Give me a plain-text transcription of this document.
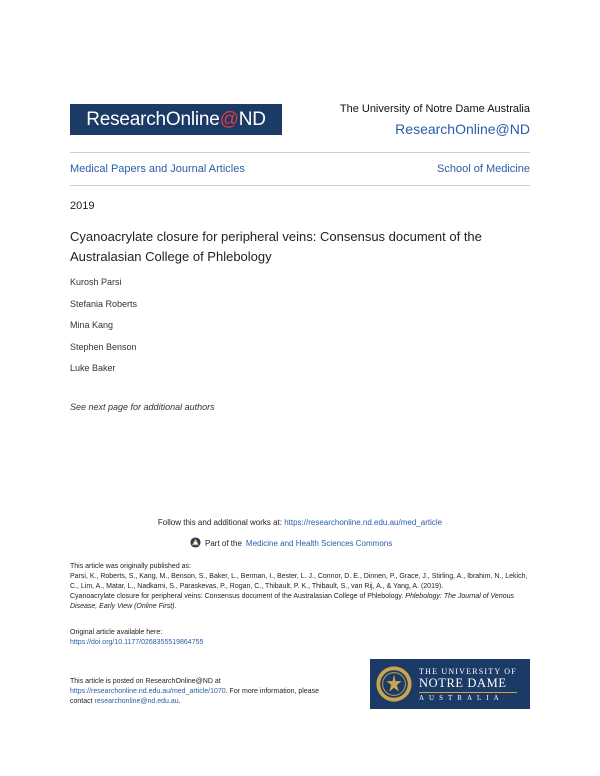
ResearchOnline@ND	The University of Notre Dame Australia
ResearchOnline@ND
Medical Papers and Journal Articles	School of Medicine
2019
Cyanoacrylate closure for peripheral veins: Consensus document of the Australasian College of Phlebology
Kurosh Parsi
Stefania Roberts
Mina Kang
Stephen Benson
Luke Baker
See next page for additional authors
Follow this and additional works at: https://researchonline.nd.edu.au/med_article
Part of the Medicine and Health Sciences Commons
This article was originally published as:
Parsi, K., Roberts, S., Kang, M., Benson, S., Baker, L., Berman, I., Bester, L. J., Connor, D. E., Dinnen, P., Grace, J., Stirling, A., Ibrahim, N., Lekich, C., Lim, A., Matar, L., Nadkarni, S., Paraskevas, P., Rogan, C., Thibault, P. K., Thibault, S., van Rij, A., & Yang, A. (2019).
Cyanoacrylate closure for peripheral veins: Consensus document of the Australasian College of Phlebology. Phlebology: The Journal of Venous Disease, Early View (Online First).
Original article available here:
https://doi.org/10.1177/0268355519864755
This article is posted on ResearchOnline@ND at
https://researchonline.nd.edu.au/med_article/1070. For more information, please contact researchonline@nd.edu.au.
THE UNIVERSITY OF
NOTRE DAME
AUSTRALIA
